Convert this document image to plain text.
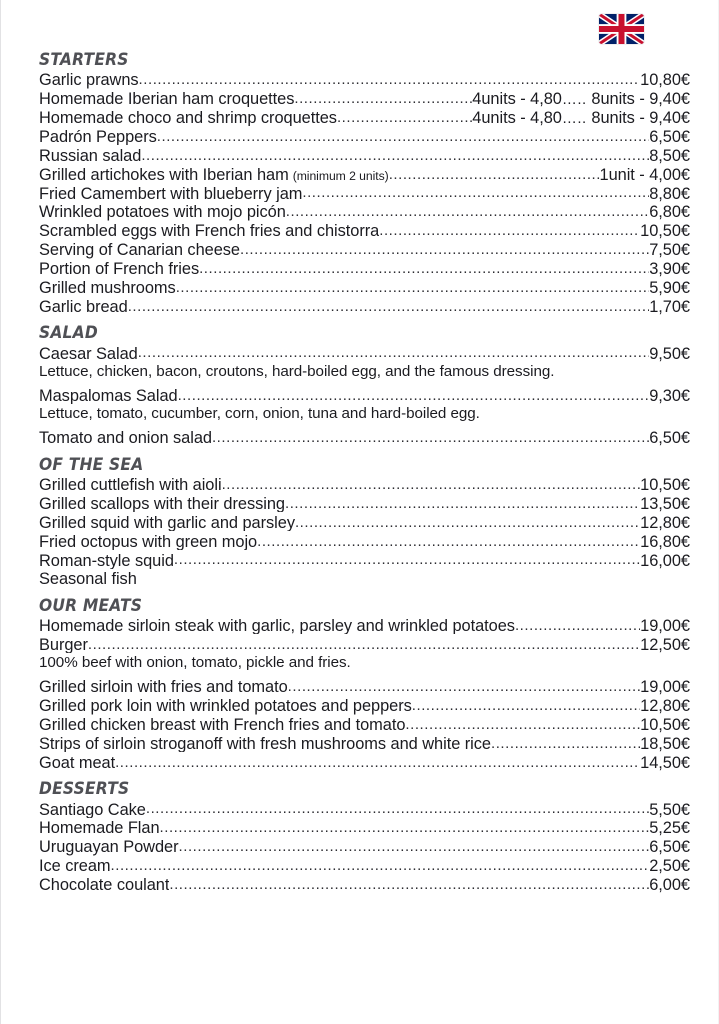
STARTERS
Garlic prawns .....	10,80€
Homemade Iberian ham croquettes .....	4units - 4,80….. 8units - 9,40€
Homemade choco and shrimp croquettes .....	4units - 4,80….. 8units - 9,40€
Padrón Peppers .....	6,50€
Russian salad .....	8,50€
Grilled artichokes with Iberian ham (minimum 2 units) .....	1unit - 4,00€
Fried Camembert with blueberry jam .....	8,80€
Wrinkled potatoes with mojo picón .....	6,80€
Scrambled eggs with French fries and chistorra .....	10,50€
Serving of Canarian cheese .....	7,50€
Portion of French fries .....	3,90€
Grilled mushrooms .....	5,90€
Garlic bread .....	1,70€
SALAD
Caesar Salad .....	9,50€
Lettuce, chicken, bacon, croutons, hard-boiled egg, and the famous dressing.
Maspalomas Salad .....	9,30€
Lettuce, tomato, cucumber, corn, onion, tuna and hard-boiled egg.
Tomato and onion salad .....	6,50€
OF THE SEA
Grilled cuttlefish with aioli .....	10,50€
Grilled scallops with their dressing .....	13,50€
Grilled squid with garlic and parsley .....	12,80€
Fried octopus with green mojo .....	16,80€
Roman-style squid .....	16,00€
Seasonal fish
OUR MEATS
Homemade sirloin steak with garlic, parsley and wrinkled potatoes .....	19,00€
Burger .....	12,50€
100% beef with onion, tomato, pickle and fries.
Grilled sirloin with fries and tomato .....	19,00€
Grilled pork loin with wrinkled potatoes and peppers .....	12,80€
Grilled chicken breast with French fries and tomato .....	10,50€
Strips of sirloin stroganoff with fresh mushrooms and white rice .....	18,50€
Goat meat .....	14,50€
DESSERTS
Santiago Cake .....	5,50€
Homemade Flan .....	5,25€
Uruguayan Powder .....	6,50€
Ice cream .....	2,50€
Chocolate coulant .....	6,00€
